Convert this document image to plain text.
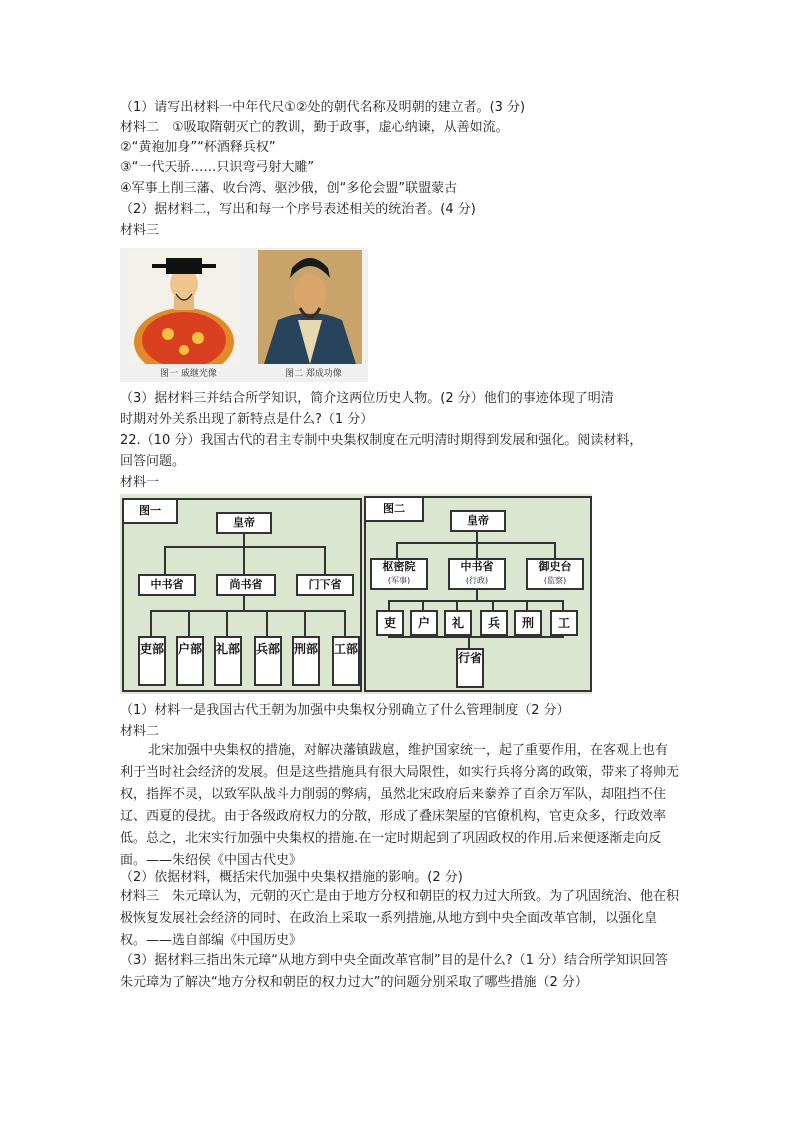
（1）请写出材料一中年代尺①②处的朝代名称及明朝的建立者。(3 分)
材料二　①吸取隋朝灭亡的教训，勤于政事，虚心纳谏，从善如流。
②“黄袍加身”“杯酒释兵权”
③“一代天骄……只识弯弓射大雕”
④军事上削三藩、收台湾、驱沙俄，创“多伦会盟”联盟蒙古
（2）据材料二，写出和每一个序号表述相关的统治者。(4 分)
材料三
图一 戚继光像	图二 郑成功像
（3）据材料三并结合所学知识，简介这两位历史人物。(2 分）他们的事迹体现了明清
时期对外关系出现了新特点是什么?（1 分）
22.（10 分）我国古代的君主专制中央集权制度在元明清时期得到发展和强化。阅读材料，
回答问题。
材料一
图一
皇帝
中书省	尚书省	门下省
吏部 户部 礼部 兵部 刑部 工部
图二
皇帝
枢密院
(军事)
中书省
(行政)
御史台
(监察)
吏	户	礼	兵	刑	工
行省
（1）材料一是我国古代王朝为加强中央集权分别确立了什么管理制度（2 分）
材料二
北宋加强中央集权的措施，对解决藩镇跋扈，维护国家统一，起了重要作用，在客观上也有利于当时社会经济的发展。但是这些措施具有很大局限性，如实行兵将分离的政策，带来了将帅无权，指挥不灵，以致军队战斗力削弱的弊病，虽然北宋政府后来豢养了百余万军队，却阻挡不住辽、西夏的侵扰。由于各级政府权力的分散，形成了叠床架屋的官僚机构，官吏众多，行政效率低。总之，北宋实行加强中央集权的措施.在一定时期起到了巩固政权的作用.后来便逐渐走向反面。——朱绍侯《中国古代史》
（2）依据材料，概括宋代加强中央集权措施的影响。(2 分)
材料三　朱元璋认为，元朝的灭亡是由于地方分权和朝臣的权力过大所致。为了巩固统治、他在积极恢复发展社会经济的同时、在政治上采取一系列措施,从地方到中央全面改革官制，以强化皇权。——选自部编《中国历史》
（3）据材料三指出朱元璋“从地方到中央全面改革官制”目的是什么?（1 分）结合所学知识回答朱元璋为了解决“地方分权和朝臣的权力过大”的问题分别采取了哪些措施（2 分）
